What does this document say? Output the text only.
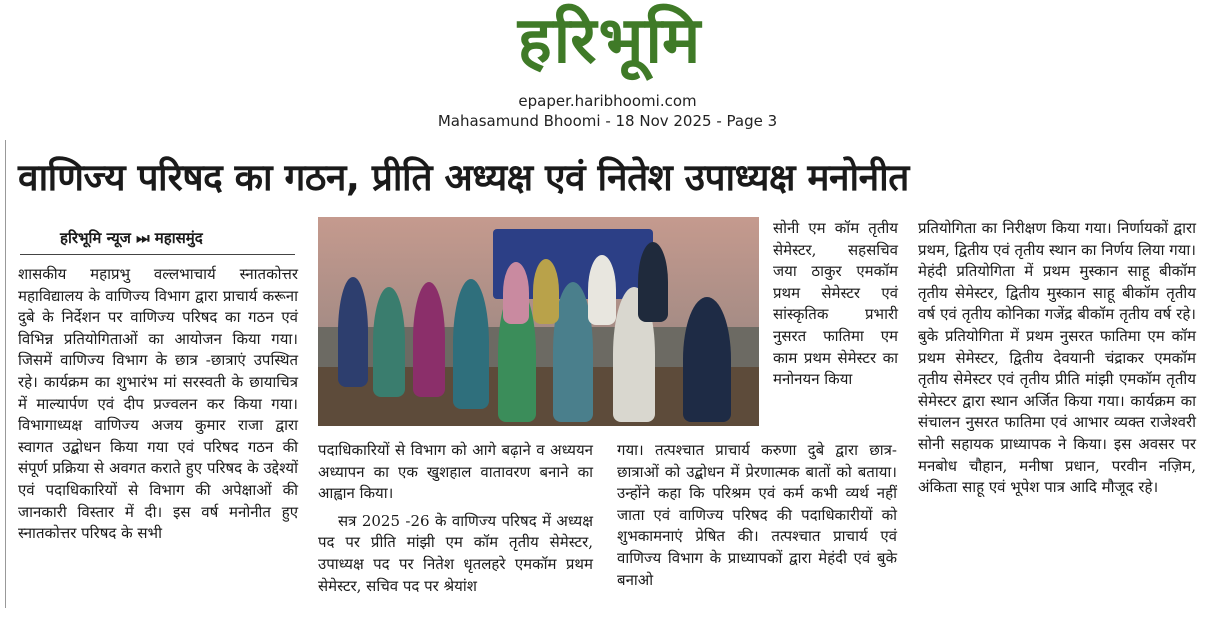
हरिभूमि
epaper.haribhoomi.com
Mahasamund Bhoomi - 18 Nov 2025 - Page 3
वाणिज्य परिषद का गठन, प्रीति अध्यक्ष एवं नितेश उपाध्यक्ष मनोनीत
हरिभूमि न्यूज ⏭ महासमुंद

शासकीय महाप्रभु वल्लभाचार्य स्नातकोत्तर महाविद्यालय के वाणिज्य विभाग द्वारा प्राचार्य करूना दुबे के निर्देशन पर वाणिज्य परिषद का गठन एवं विभिन्न प्रतियोगिताओं का आयोजन किया गया। जिसमें वाणिज्य विभाग के छात्र -छात्राएं उपस्थित रहे। कार्यक्रम का शुभारंभ मां सरस्वती के छायाचित्र में माल्यार्पण एवं दीप प्रज्वलन कर किया गया। विभागाध्यक्ष वाणिज्य अजय कुमार राजा द्वारा स्वागत उद्बोधन किया गया एवं परिषद गठन की संपूर्ण प्रक्रिया से अवगत कराते हुए परिषद के उद्देश्यों एवं पदाधिकारियों से विभाग की अपेक्षाओं की जानकारी विस्तार में दी। इस वर्ष मनोनीत हुए स्नातकोत्तर परिषद के सभी

पदाधिकारियों से विभाग को आगे बढ़ाने व अध्ययन अध्यापन का एक खुशहाल वातावरण बनाने का आह्वान किया।

सत्र 2025 -26 के वाणिज्य परिषद में अध्यक्ष पद पर प्रीति मांझी एम कॉम तृतीय सेमेस्टर, उपाध्यक्ष पद पर नितेश धृतलहरे एमकॉम प्रथम सेमेस्टर, सचिव पद पर श्रेयांश

सोनी एम कॉम तृतीय सेमेस्टर, सहसचिव जया ठाकुर एमकॉम प्रथम सेमेस्टर एवं सांस्कृतिक प्रभारी नुसरत फातिमा एम काम प्रथम सेमेस्टर का मनोनयन किया

गया। तत्पश्चात प्राचार्य करुणा दुबे द्वारा छात्र-छात्राओं को उद्बोधन में प्रेरणात्मक बातों को बताया। उन्होंने कहा कि परिश्रम एवं कर्म कभी व्यर्थ नहीं जाता एवं वाणिज्य परिषद की पदाधिकारीयों को शुभकामनाएं प्रेषित की। तत्पश्चात प्राचार्य एवं वाणिज्य विभाग के प्राध्यापकों द्वारा मेहंदी एवं बुके बनाओ

प्रतियोगिता का निरीक्षण किया गया। निर्णायकों द्वारा प्रथम, द्वितीय एवं तृतीय स्थान का निर्णय लिया गया। मेहंदी प्रतियोगिता में प्रथम मुस्कान साहू बीकॉम तृतीय सेमेस्टर, द्वितीय मुस्कान साहू बीकॉम तृतीय वर्ष एवं तृतीय कोनिका गजेंद्र बीकॉम तृतीय वर्ष रहे। बुके प्रतियोगिता में प्रथम नुसरत फातिमा एम कॉम प्रथम सेमेस्टर, द्वितीय देवयानी चंद्राकर एमकॉम तृतीय सेमेस्टर एवं तृतीय प्रीति मांझी एमकॉम तृतीय सेमेस्टर द्वारा स्थान अर्जित किया गया। कार्यक्रम का संचालन नुसरत फातिमा एवं आभार व्यक्त राजेश्वरी सोनी सहायक प्राध्यापक ने किया। इस अवसर पर मनबोध चौहान, मनीषा प्रधान, परवीन नज़िम, अंकिता साहू एवं भूपेश पात्र आदि मौजूद रहे।
